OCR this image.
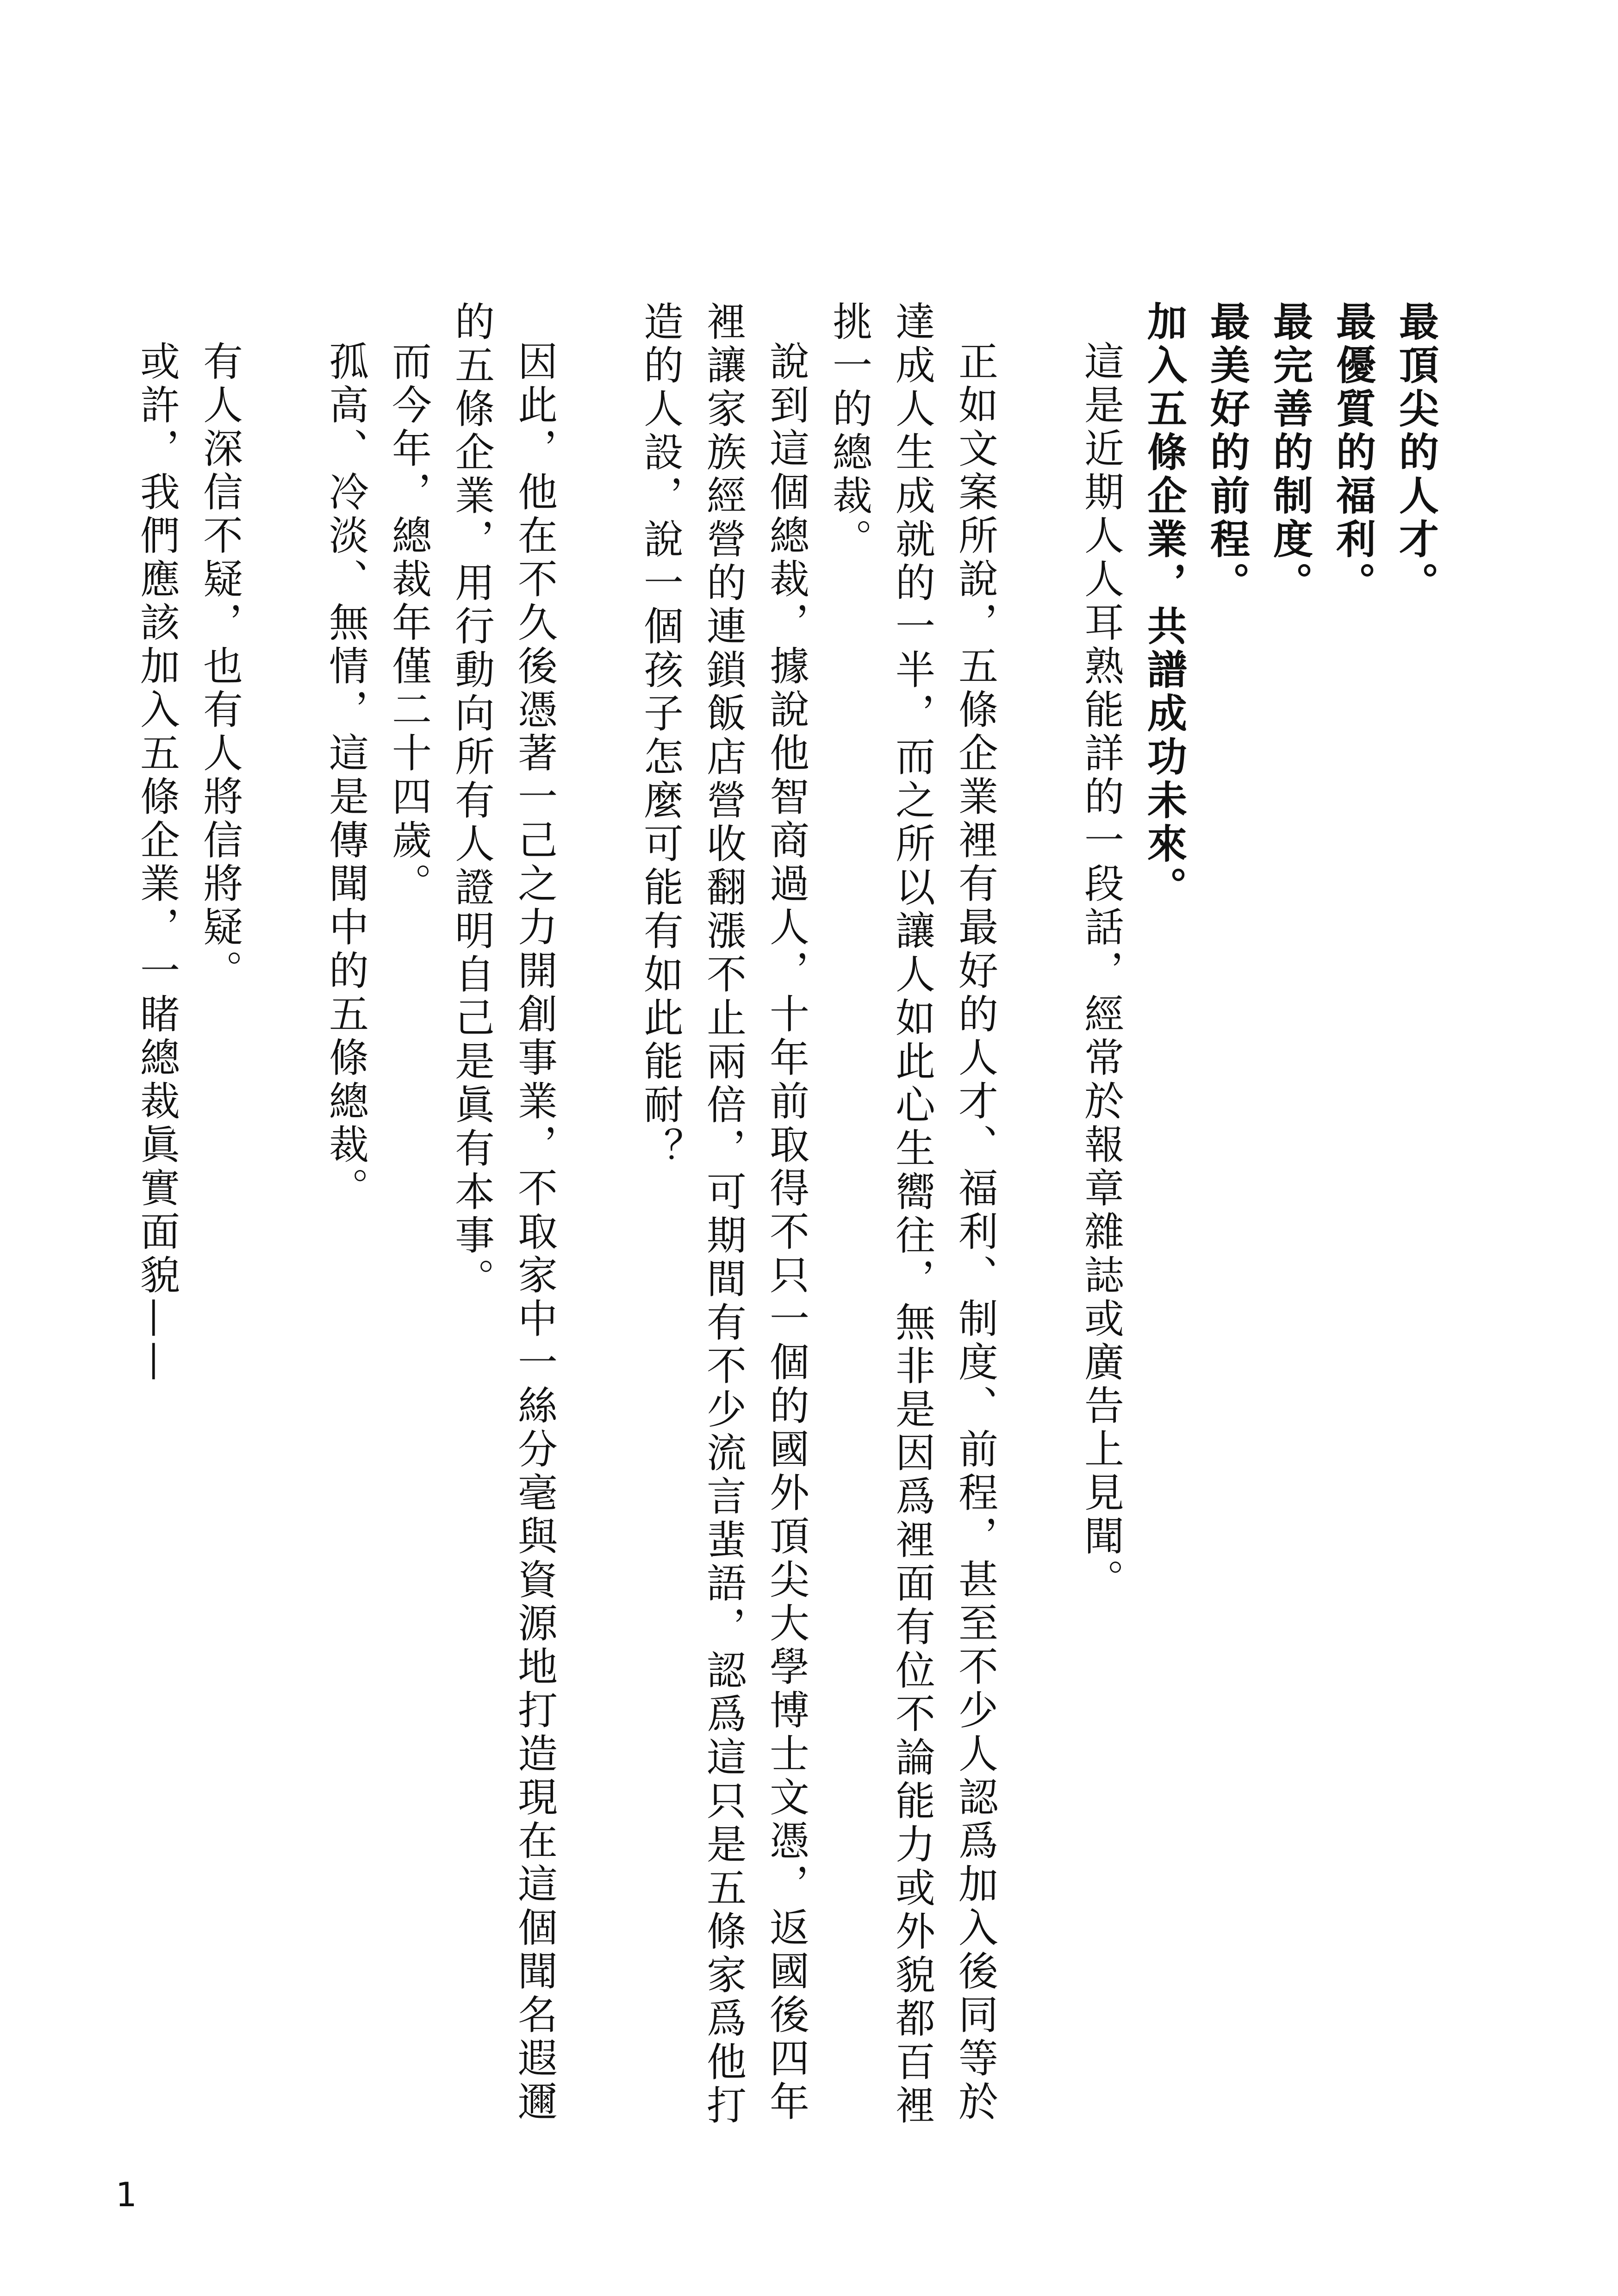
最頂尖的人才。

最優質的福利。

最完善的制度。

最美好的前程。

加入五條企業，共譜成功未來。

這是近期人人耳熟能詳的一段話，經常於報章雜誌或廣告上見聞。

正如文案所說，五條企業裡有最好的人才、福利、制度、前程，甚至不少人認爲加入後同等於達成人生成就的一半，而之所以讓人如此心生嚮往，無非是因爲裡面有位不論能力或外貌都百裡挑一的總裁。

說到這個總裁，據說他智商過人，十年前取得不只一個的國外頂尖大學博士文憑，返國後四年裡讓家族經營的連鎖飯店營收翻漲不止兩倍，可期間有不少流言蜚語，認爲這只是五條家爲他打造的人設，說一個孩子怎麼可能有如此能耐？

因此，他在不久後憑著一己之力開創事業，不取家中一絲分毫與資源地打造現在這個聞名遐邇的五條企業，用行動向所有人證明自己是眞有本事。

而今年，總裁年僅二十四歲。

孤高、冷淡、無情，這是傳聞中的五條總裁。

有人深信不疑，也有人將信將疑。

或許，我們應該加入五條企業，一睹總裁眞實面貌——

1
